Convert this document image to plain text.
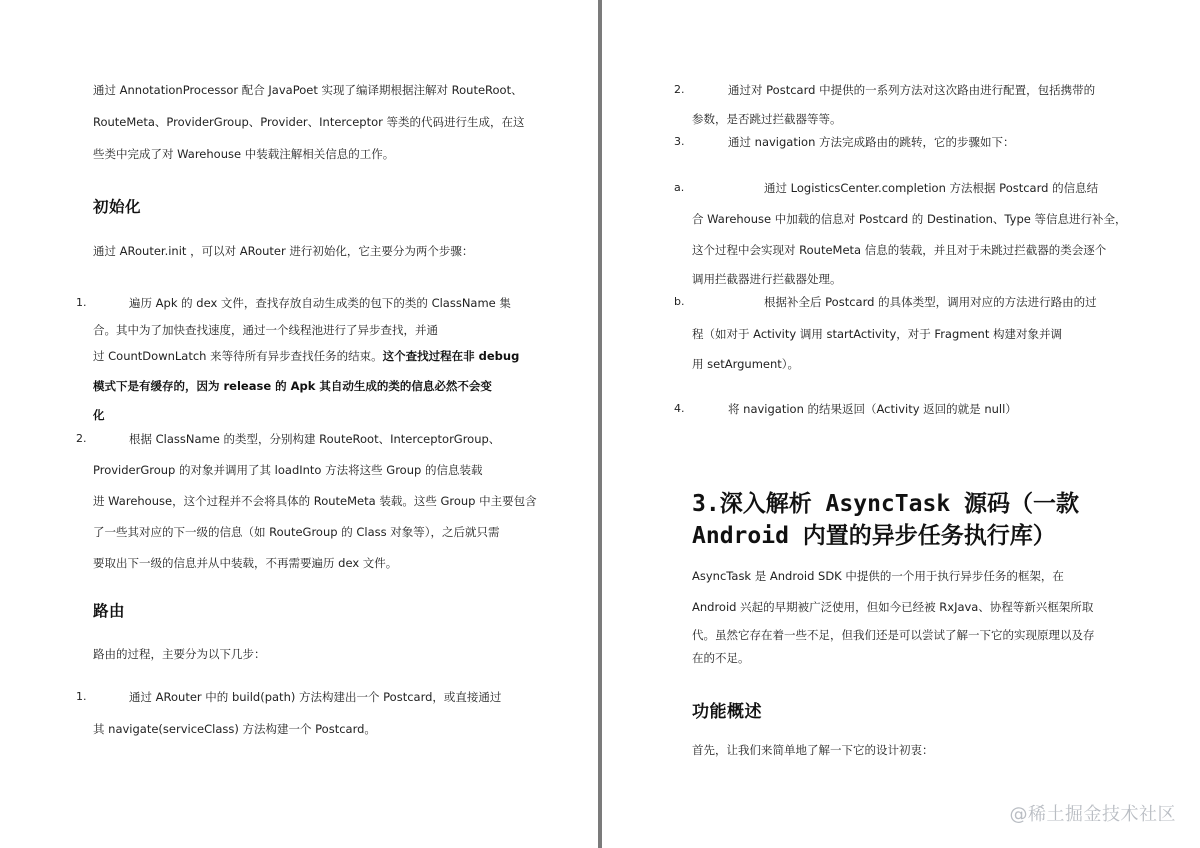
通过 AnnotationProcessor 配合 JavaPoet 实现了编译期根据注解对 RouteRoot、
RouteMeta、ProviderGroup、Provider、Interceptor 等类的代码进行生成，在这
些类中完成了对 Warehouse 中装载注解相关信息的工作。
初始化
通过 ARouter.init ，可以对 ARouter 进行初始化，它主要分为两个步骤：
1.	遍历 Apk 的 dex 文件，查找存放自动生成类的包下的类的 ClassName 集
合。其中为了加快查找速度，通过一个线程池进行了异步查找，并通
过 CountDownLatch 来等待所有异步查找任务的结束。这个查找过程在非 debug
模式下是有缓存的，因为 release 的 Apk 其自动生成的类的信息必然不会变
化
2.	根据 ClassName 的类型，分别构建 RouteRoot、InterceptorGroup、
ProviderGroup 的对象并调用了其 loadInto 方法将这些 Group 的信息装载
进 Warehouse，这个过程并不会将具体的 RouteMeta 装载。这些 Group 中主要包含
了一些其对应的下一级的信息（如 RouteGroup 的 Class 对象等），之后就只需
要取出下一级的信息并从中装载，不再需要遍历 dex 文件。
路由
路由的过程，主要分为以下几步：
1.	通过 ARouter 中的 build(path) 方法构建出一个 Postcard，或直接通过
其 navigate(serviceClass) 方法构建一个 Postcard。
2.	通过对 Postcard 中提供的一系列方法对这次路由进行配置，包括携带的
参数，是否跳过拦截器等等。
3.	通过 navigation 方法完成路由的跳转，它的步骤如下：
a.	通过 LogisticsCenter.completion 方法根据 Postcard 的信息结
合 Warehouse 中加载的信息对 Postcard 的 Destination、Type 等信息进行补全，
这个过程中会实现对 RouteMeta 信息的装载，并且对于未跳过拦截器的类会逐个
调用拦截器进行拦截器处理。
b.	根据补全后 Postcard 的具体类型，调用对应的方法进行路由的过
程（如对于 Activity 调用 startActivity，对于 Fragment 构建对象并调
用 setArgument）。
4.	将 navigation 的结果返回（Activity 返回的就是 null）
3.深入解析 AsyncTask 源码（一款
Android 内置的异步任务执行库）
AsyncTask 是 Android SDK 中提供的一个用于执行异步任务的框架，在
Android 兴起的早期被广泛使用，但如今已经被 RxJava、协程等新兴框架所取
代。虽然它存在着一些不足，但我们还是可以尝试了解一下它的实现原理以及存
在的不足。
功能概述
首先，让我们来简单地了解一下它的设计初衷：
@稀土掘金技术社区
